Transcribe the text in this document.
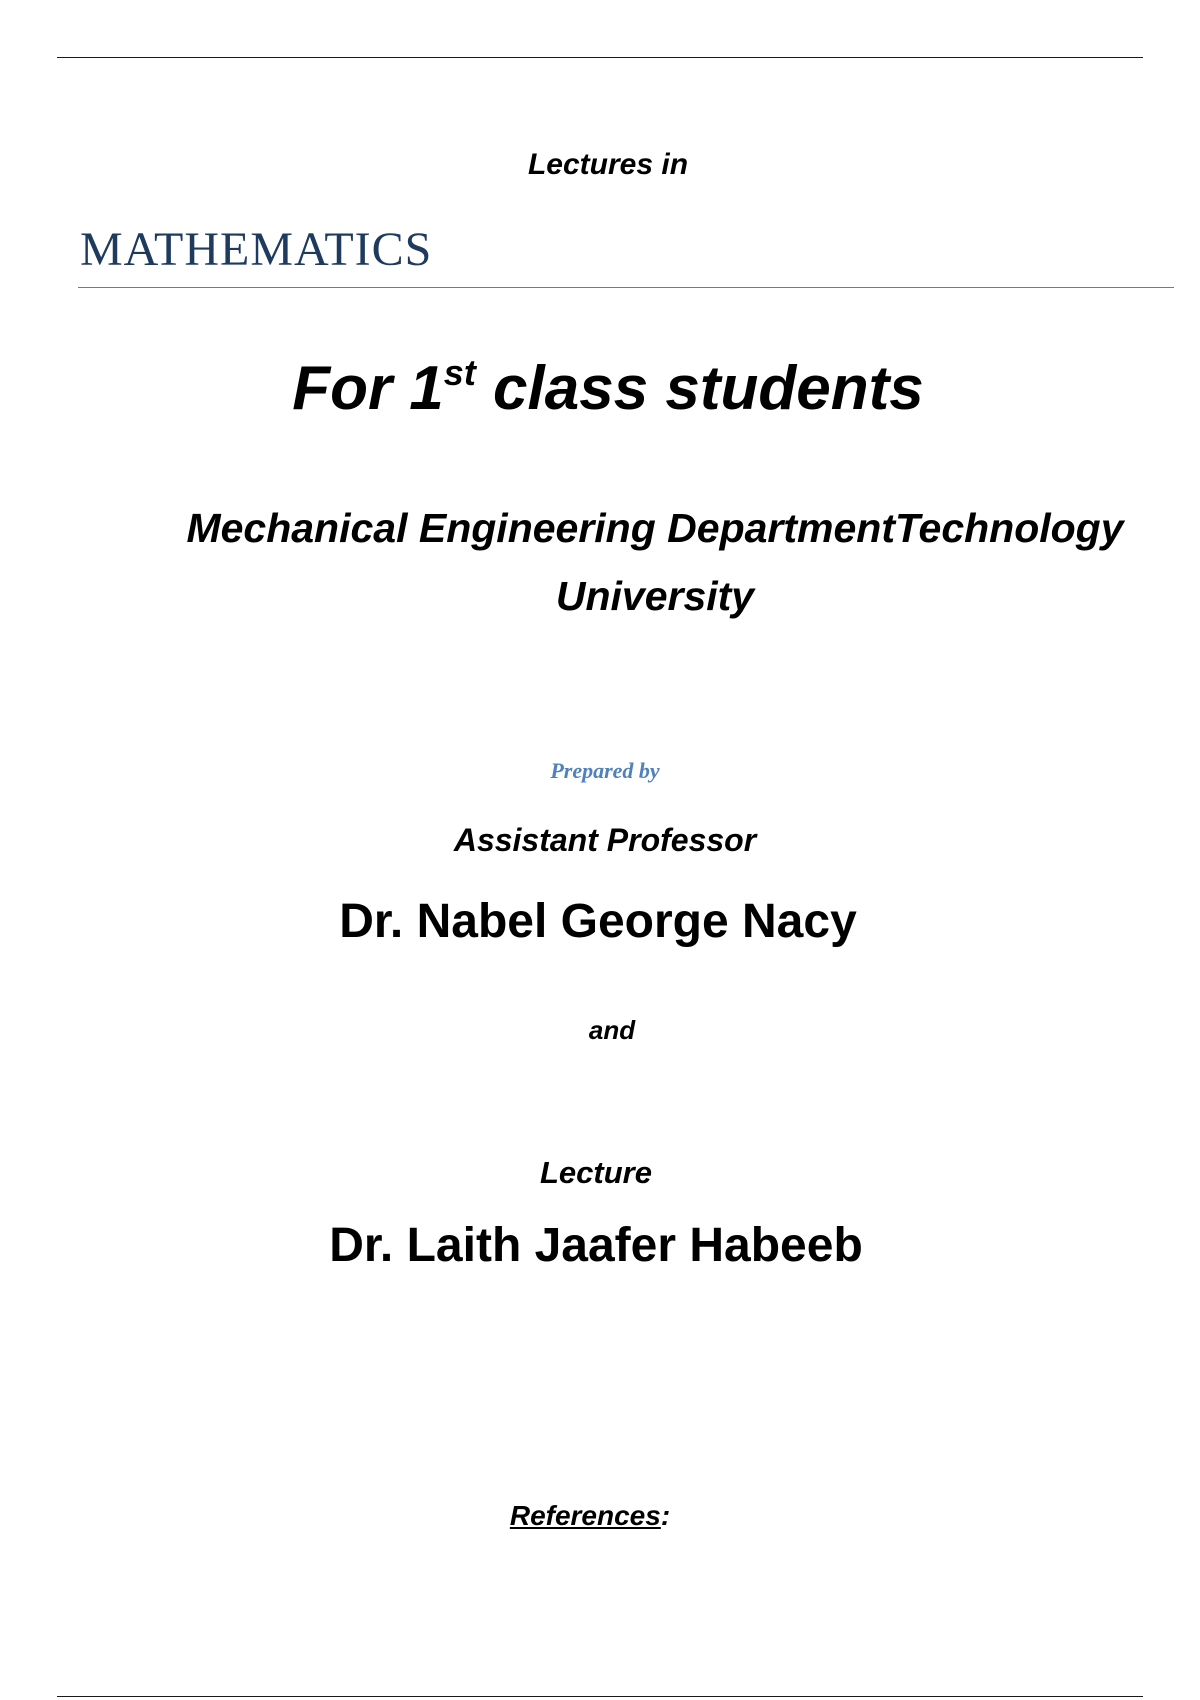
Lectures in
MATHEMATICS
For 1st class students
Mechanical Engineering DepartmentTechnology University
Prepared by
Assistant Professor
Dr. Nabel George Nacy
and
Lecture
Dr. Laith Jaafer Habeeb
References:
